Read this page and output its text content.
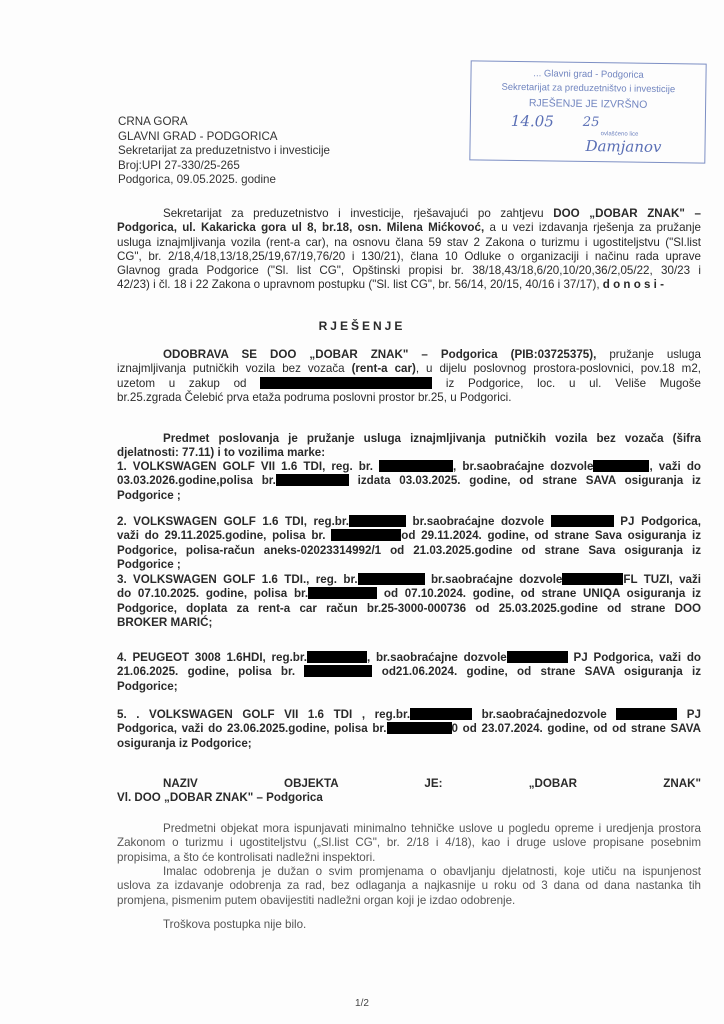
CRNA GORA
GLAVNI GRAD - PODGORICA
Sekretarijat za preduzetnistvo i investicije
Broj:UPI 27-330/25-265
Podgorica, 09.05.2025. godine
... Glavni grad - Podgorica
Sekretarijat za preduzetništvo i investicije
RJEŠENJE JE IZVRŠNO
14.05 25
ovlašćeno lice
Damjanov
Sekretarijat za preduzetnistvo i investicije, rješavajući po zahtjevu DOO „DOBAR ZNAK" –
Podgorica, ul. Kakaricka gora ul 8, br.18, osn. Milena Mićkovoć, a u vezi izdavanja rješenja za pružanje
usluga iznajmljivanja vozila (rent-a car), na osnovu člana 59 stav 2 Zakona o turizmu i ugostiteljstvu ("Sl.list
CG", br. 2/18,4/18,13/18,25/19,67/19,76/20 i 130/21), člana 10 Odluke o organizaciji i načinu rada uprave
Glavnog grada Podgorice ("Sl. list CG", Opštinski propisi br. 38/18,43/18,6/20,10/20,36/2,05/22, 30/23 i
42/23) i čl. 18 i 22 Zakona o upravnom postupku ("Sl. list CG", br. 56/14, 20/15, 40/16 i 37/17), d o n o s i -
ODOBRAVA SE DOO „DOBAR ZNAK" – Podgorica (PIB:03725375), pružanje usluga
iznajmljivanja putničkih vozila bez vozača (rent-a car), u dijelu poslovnog prostora-poslovnici, pov.18 m2,
uzetom u zakup od	iz Podgorice, loc. u ul. Veliše Mugoše
br.25.zgrada Čelebić prva etaža podruma poslovni prostor br.25, u Podgorici.
Predmet poslovanja je pružanje usluga iznajmljivanja putničkih vozila bez vozača (šifra
djelatnosti: 77.11) i to vozilima marke:
1. VOLKSWAGEN GOLF VII 1.6 TDI, reg. br.	, br.saobraćajne dozvole	, važi do
03.03.2026.godine,polisa br.	izdata 03.03.2025. godine, od strane SAVA osiguranja iz
Podgorice ;
2. VOLKSWAGEN GOLF 1.6 TDI, reg.br.	br.saobraćajne dozvole	PJ Podgorica,
važi do 29.11.2025.godine, polisa br.	od 29.11.2024. godine, od strane Sava osiguranja iz
Podgorice, polisa-račun aneks-02023314992/1 od 21.03.2025.godine od strane Sava osiguranja iz
Podgorice ;
3. VOLKSWAGEN GOLF 1.6 TDI., reg. br.	br.saobraćajne dozvole	FL TUZI, važi
do 07.10.2025. godine, polisa br.	od 07.10.2024. godine, od strane UNIQA osiguranja iz
Podgorice, doplata za rent-a car račun br.25-3000-000736 od 25.03.2025.godine od strane DOO
BROKER MARIĆ;
4. PEUGEOT 3008 1.6HDI, reg.br.	, br.saobraćajne dozvole	PJ Podgorica, važi do
21.06.2025. godine, polisa br.	od21.06.2024. godine, od strane SAVA osiguranja iz
Podgorice;
5. . VOLKSWAGEN GOLF VII 1.6 TDI , reg.br.	br.saobraćajnedozvole	PJ
Podgorica, važi do 23.06.2025.godine, polisa br.	0 od 23.07.2024. godine, od od strane SAVA
osiguranja iz Podgorice;
NAZIV OBJEKTA JE: „DOBAR ZNAK"
Vl. DOO „DOBAR ZNAK" – Podgorica
Predmetni objekat mora ispunjavati minimalno tehničke uslove u pogledu opreme i uredjenja prostora
Zakonom o turizmu i ugostiteljstvu („Sl.list CG", br. 2/18 i 4/18), kao i druge uslove propisane posebnim
propisima, a što će kontrolisati nadležni inspektori.
Imalac odobrenja je dužan o svim promjenama o obavljanju djelatnosti, koje utiču na ispunjenost
uslova za izdavanje odobrenja za rad, bez odlaganja a najkasnije u roku od 3 dana od dana nastanka tih
promjena, pismenim putem obavijestiti nadležni organ koji je izdao odobrenje.
Troškova postupka nije bilo.
RJEŠENJE
1/2
